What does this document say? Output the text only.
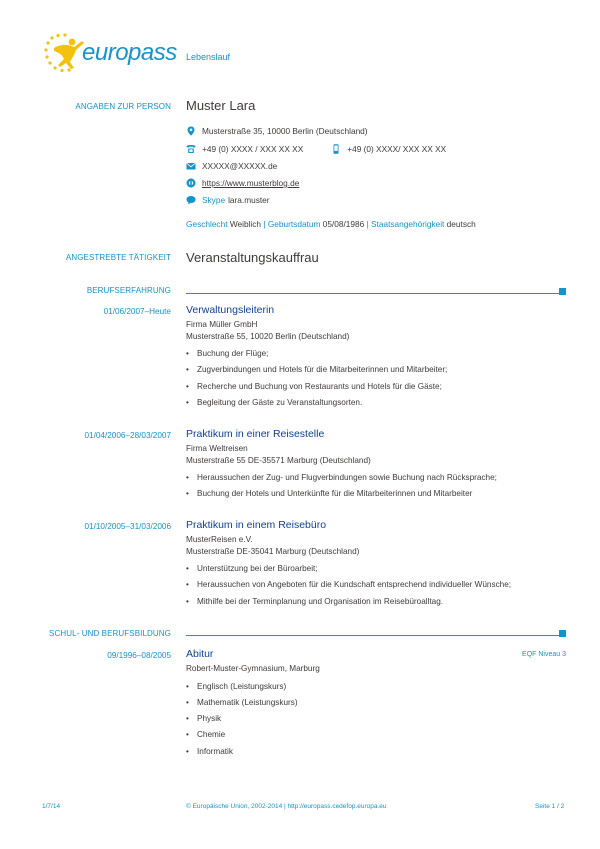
europass Lebenslauf
ANGABEN ZUR PERSON Muster Lara
Musterstraße 35, 10000 Berlin (Deutschland)
+49 (0) XXXX / XXX XX XX	+49 (0) XXXX/ XXX XX XX
XXXXX@XXXXX.de
https://www.musterblog.de
Skype lara.muster
Geschlecht
Weiblich
|
Geburtsdatum
05/08/1986
|
Staatsangehörigkeit
deutsch
ANGESTREBTE TÄTIGKEIT Veranstaltungskauffrau
BERUFSERFAHRUNG
01/06/2007–Heute Verwaltungsleiterin
Firma Müller GmbH
Musterstraße 55, 10020 Berlin (Deutschland)
• Buchung der Flüge;
• Zugverbindungen und Hotels für die Mitarbeiterinnen und Mitarbeiter;
• Recherche und Buchung von Restaurants und Hotels für die Gäste;
• Begleitung der Gäste zu Veranstaltungsorten.
01/04/2006–28/03/2007 Praktikum in einer Reisestelle
Firma Weltreisen
Musterstraße 55 DE-35571 Marburg (Deutschland)
• Heraussuchen der Zug- und Flugverbindungen sowie Buchung nach Rücksprache;
• Buchung der Hotels und Unterkünfte für die Mitarbeiterinnen und Mitarbeiter
01/10/2005–31/03/2006 Praktikum in einem Reisebüro
MusterReisen e.V.
Musterstraße DE-35041 Marburg (Deutschland)
• Unterstützung bei der Büroarbeit;
• Heraussuchen von Angeboten für die Kundschaft entsprechend individueller Wünsche;
• Mithilfe bei der Terminplanung und Organisation im Reisebüroalltag.
SCHUL- UND BERUFSBILDUNG
09/1996–08/2005 Abitur	EQF Niveau 3
Robert-Muster-Gymnasium, Marburg
• Englisch (Leistungskurs)
• Mathematik (Leistungskurs)
• Physik
• Chemie
• Informatik
1/7/14	© Europäische Union, 2002-2014 | http://europass.cedefop.europa.eu	Seite 1 / 2
